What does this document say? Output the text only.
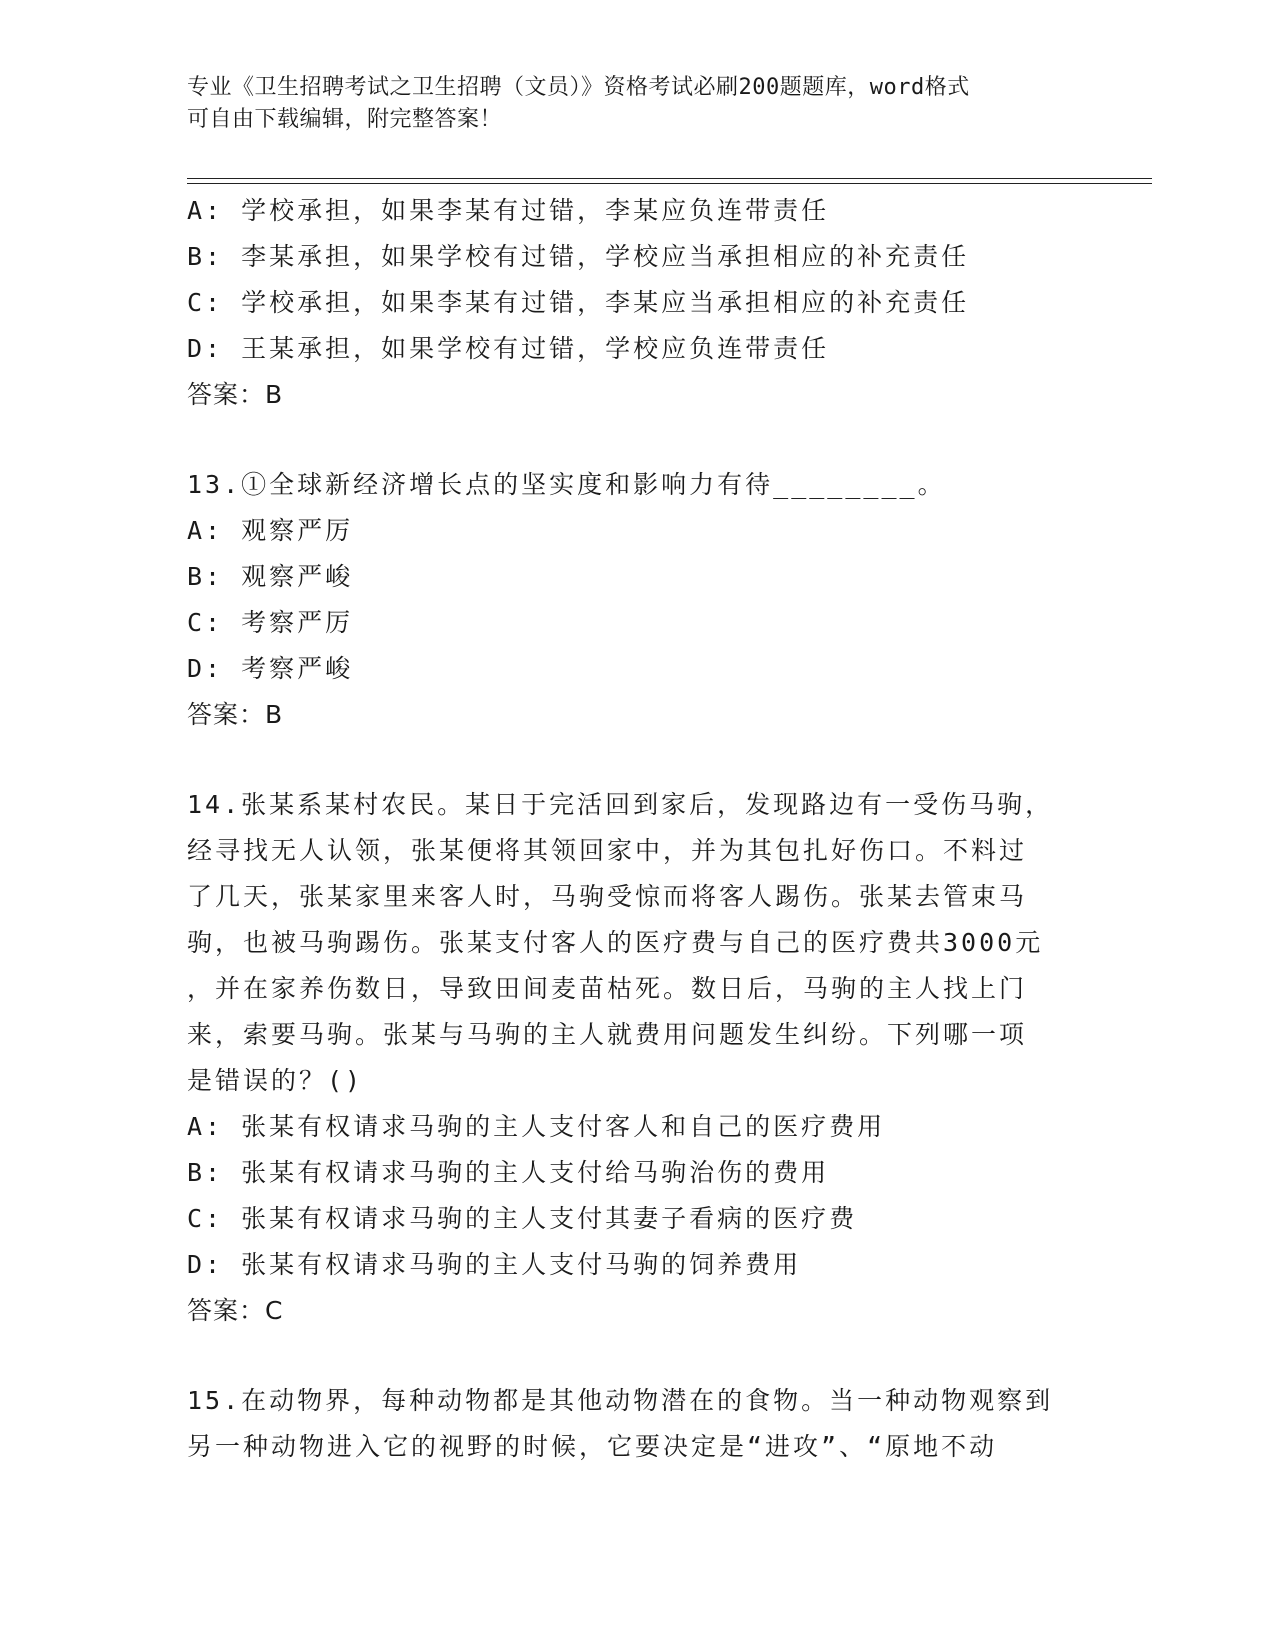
专业《卫生招聘考试之卫生招聘（文员）》资格考试必刷200题题库，word格式
可自由下载编辑，附完整答案！
A: 学校承担，如果李某有过错，李某应负连带责任
B: 李某承担，如果学校有过错，学校应当承担相应的补充责任
C: 学校承担，如果李某有过错，李某应当承担相应的补充责任
D: 王某承担，如果学校有过错，学校应负连带责任
答案：B
13.①全球新经济增长点的坚实度和影响力有待________。
A: 观察严厉
B: 观察严峻
C: 考察严厉
D: 考察严峻
答案：B
14.张某系某村农民。某日于完活回到家后，发现路边有一受伤马驹，
经寻找无人认领，张某便将其领回家中，并为其包扎好伤口。不料过
了几天，张某家里来客人时，马驹受惊而将客人踢伤。张某去管束马
驹，也被马驹踢伤。张某支付客人的医疗费与自己的医疗费共3000元
，并在家养伤数日，导致田间麦苗枯死。数日后，马驹的主人找上门
来，索要马驹。张某与马驹的主人就费用问题发生纠纷。下列哪一项
是错误的？()
A: 张某有权请求马驹的主人支付客人和自己的医疗费用
B: 张某有权请求马驹的主人支付给马驹治伤的费用
C: 张某有权请求马驹的主人支付其妻子看病的医疗费
D: 张某有权请求马驹的主人支付马驹的饲养费用
答案：C
15.在动物界，每种动物都是其他动物潜在的食物。当一种动物观察到
另一种动物进入它的视野的时候，它要决定是“进攻”、“原地不动
